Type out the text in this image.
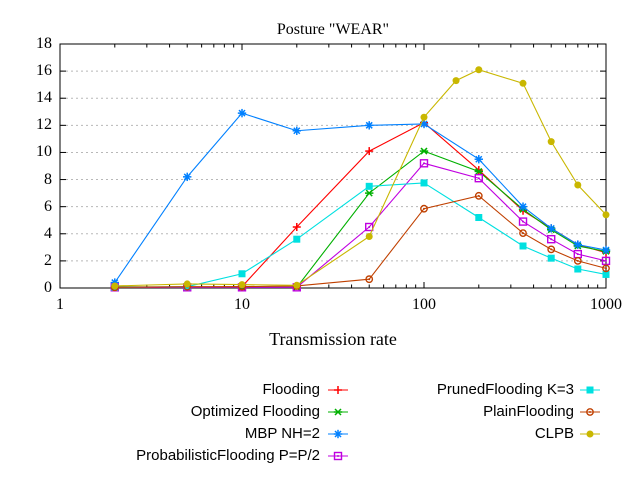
Posture "WEAR"
Transmission rate
0
2
4
6
8
10
12
14
16
18
1	10	100	1000
Flooding
Optimized Flooding
MBP NH=2
ProbabilisticFlooding P=P/2
PrunedFlooding K=3
PlainFlooding
CLPB
